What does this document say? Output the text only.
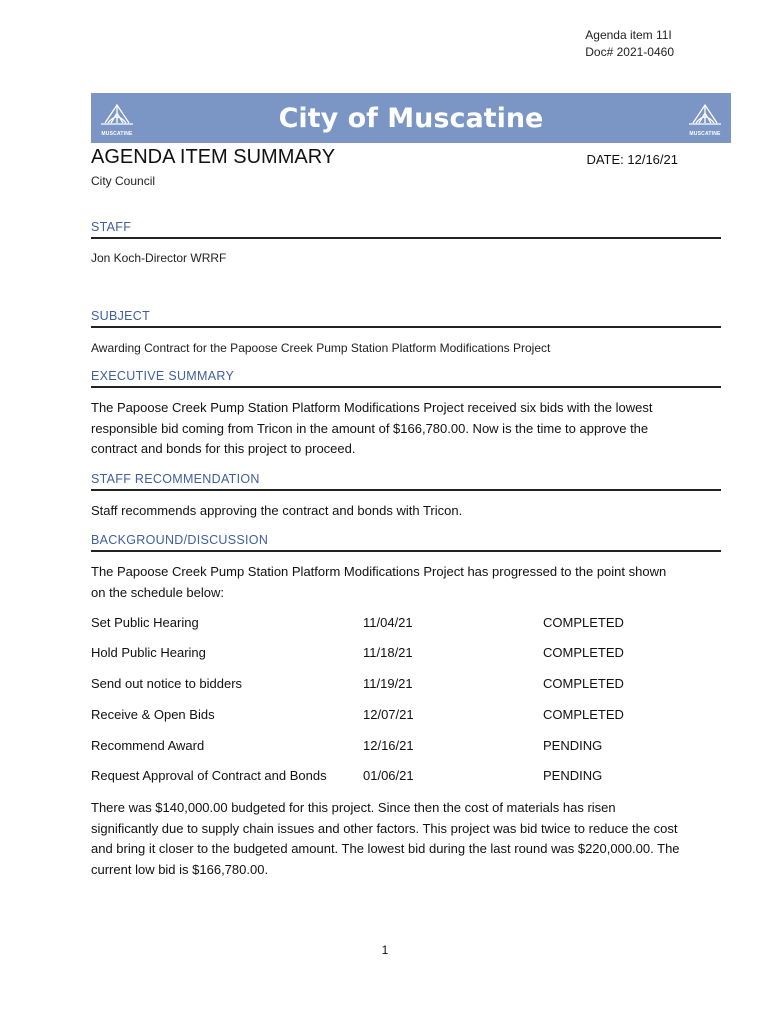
Agenda item 11I
Doc# 2021-0460
MUSCATINE
City of Muscatine
MUSCATINE
AGENDA ITEM SUMMARY	DATE: 12/16/21
City Council
STAFF
Jon Koch-Director WRRF
SUBJECT
Awarding Contract for the Papoose Creek Pump Station Platform Modifications Project
EXECUTIVE SUMMARY
The Papoose Creek Pump Station Platform Modifications Project received six bids with the lowest responsible bid coming from Tricon in the amount of $166,780.00. Now is the time to approve the contract and bonds for this project to proceed.
STAFF RECOMMENDATION
Staff recommends approving the contract and bonds with Tricon.
BACKGROUND/DISCUSSION
The Papoose Creek Pump Station Platform Modifications Project has progressed to the point shown on the schedule below:
Set Public Hearing	11/04/21	COMPLETED
Hold Public Hearing	11/18/21	COMPLETED
Send out notice to bidders	11/19/21	COMPLETED
Receive & Open Bids	12/07/21	COMPLETED
Recommend Award	12/16/21	PENDING
Request Approval of Contract and Bonds	01/06/21	PENDING
There was $140,000.00 budgeted for this project. Since then the cost of materials has risen significantly due to supply chain issues and other factors. This project was bid twice to reduce the cost and bring it closer to the budgeted amount. The lowest bid during the last round was $220,000.00. The current low bid is $166,780.00.
1
